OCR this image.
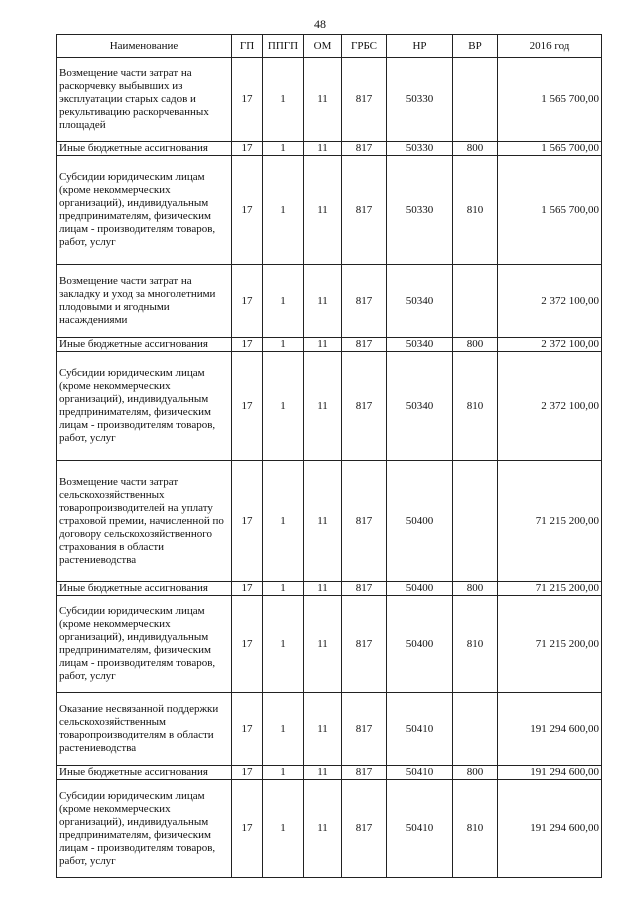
48
Наименование	ГП	ППГП	ОМ	ГРБС	НР	ВР	2016 год
Возмещение части затрат на раскорчевку выбывших из эксплуатации старых садов и рекультивацию раскорчеванных площадей	17	1	11	817	50330		1 565 700,00
Иные бюджетные ассигнования	17	1	11	817	50330	800	1 565 700,00
Субсидии юридическим лицам (кроме некоммерческих организаций), индивидуальным предпринимателям, физическим лицам - производителям товаров, работ, услуг	17	1	11	817	50330	810	1 565 700,00
Возмещение части затрат на закладку и уход за многолетними плодовыми и ягодными насаждениями	17	1	11	817	50340		2 372 100,00
Иные бюджетные ассигнования	17	1	11	817	50340	800	2 372 100,00
Субсидии юридическим лицам (кроме некоммерческих организаций), индивидуальным предпринимателям, физическим лицам - производителям товаров, работ, услуг	17	1	11	817	50340	810	2 372 100,00
Возмещение части затрат сельскохозяйственных товаропроизводителей на уплату страховой премии, начисленной по договору сельскохозяйственного страхования в области растениеводства	17	1	11	817	50400		71 215 200,00
Иные бюджетные ассигнования	17	1	11	817	50400	800	71 215 200,00
Субсидии юридическим лицам (кроме некоммерческих организаций), индивидуальным предпринимателям, физическим лицам - производителям товаров, работ, услуг	17	1	11	817	50400	810	71 215 200,00
Оказание несвязанной поддержки сельскохозяйственным товаропроизводителям в области растениеводства	17	1	11	817	50410		191 294 600,00
Иные бюджетные ассигнования	17	1	11	817	50410	800	191 294 600,00
Субсидии юридическим лицам (кроме некоммерческих организаций), индивидуальным предпринимателям, физическим лицам - производителям товаров, работ, услуг	17	1	11	817	50410	810	191 294 600,00
